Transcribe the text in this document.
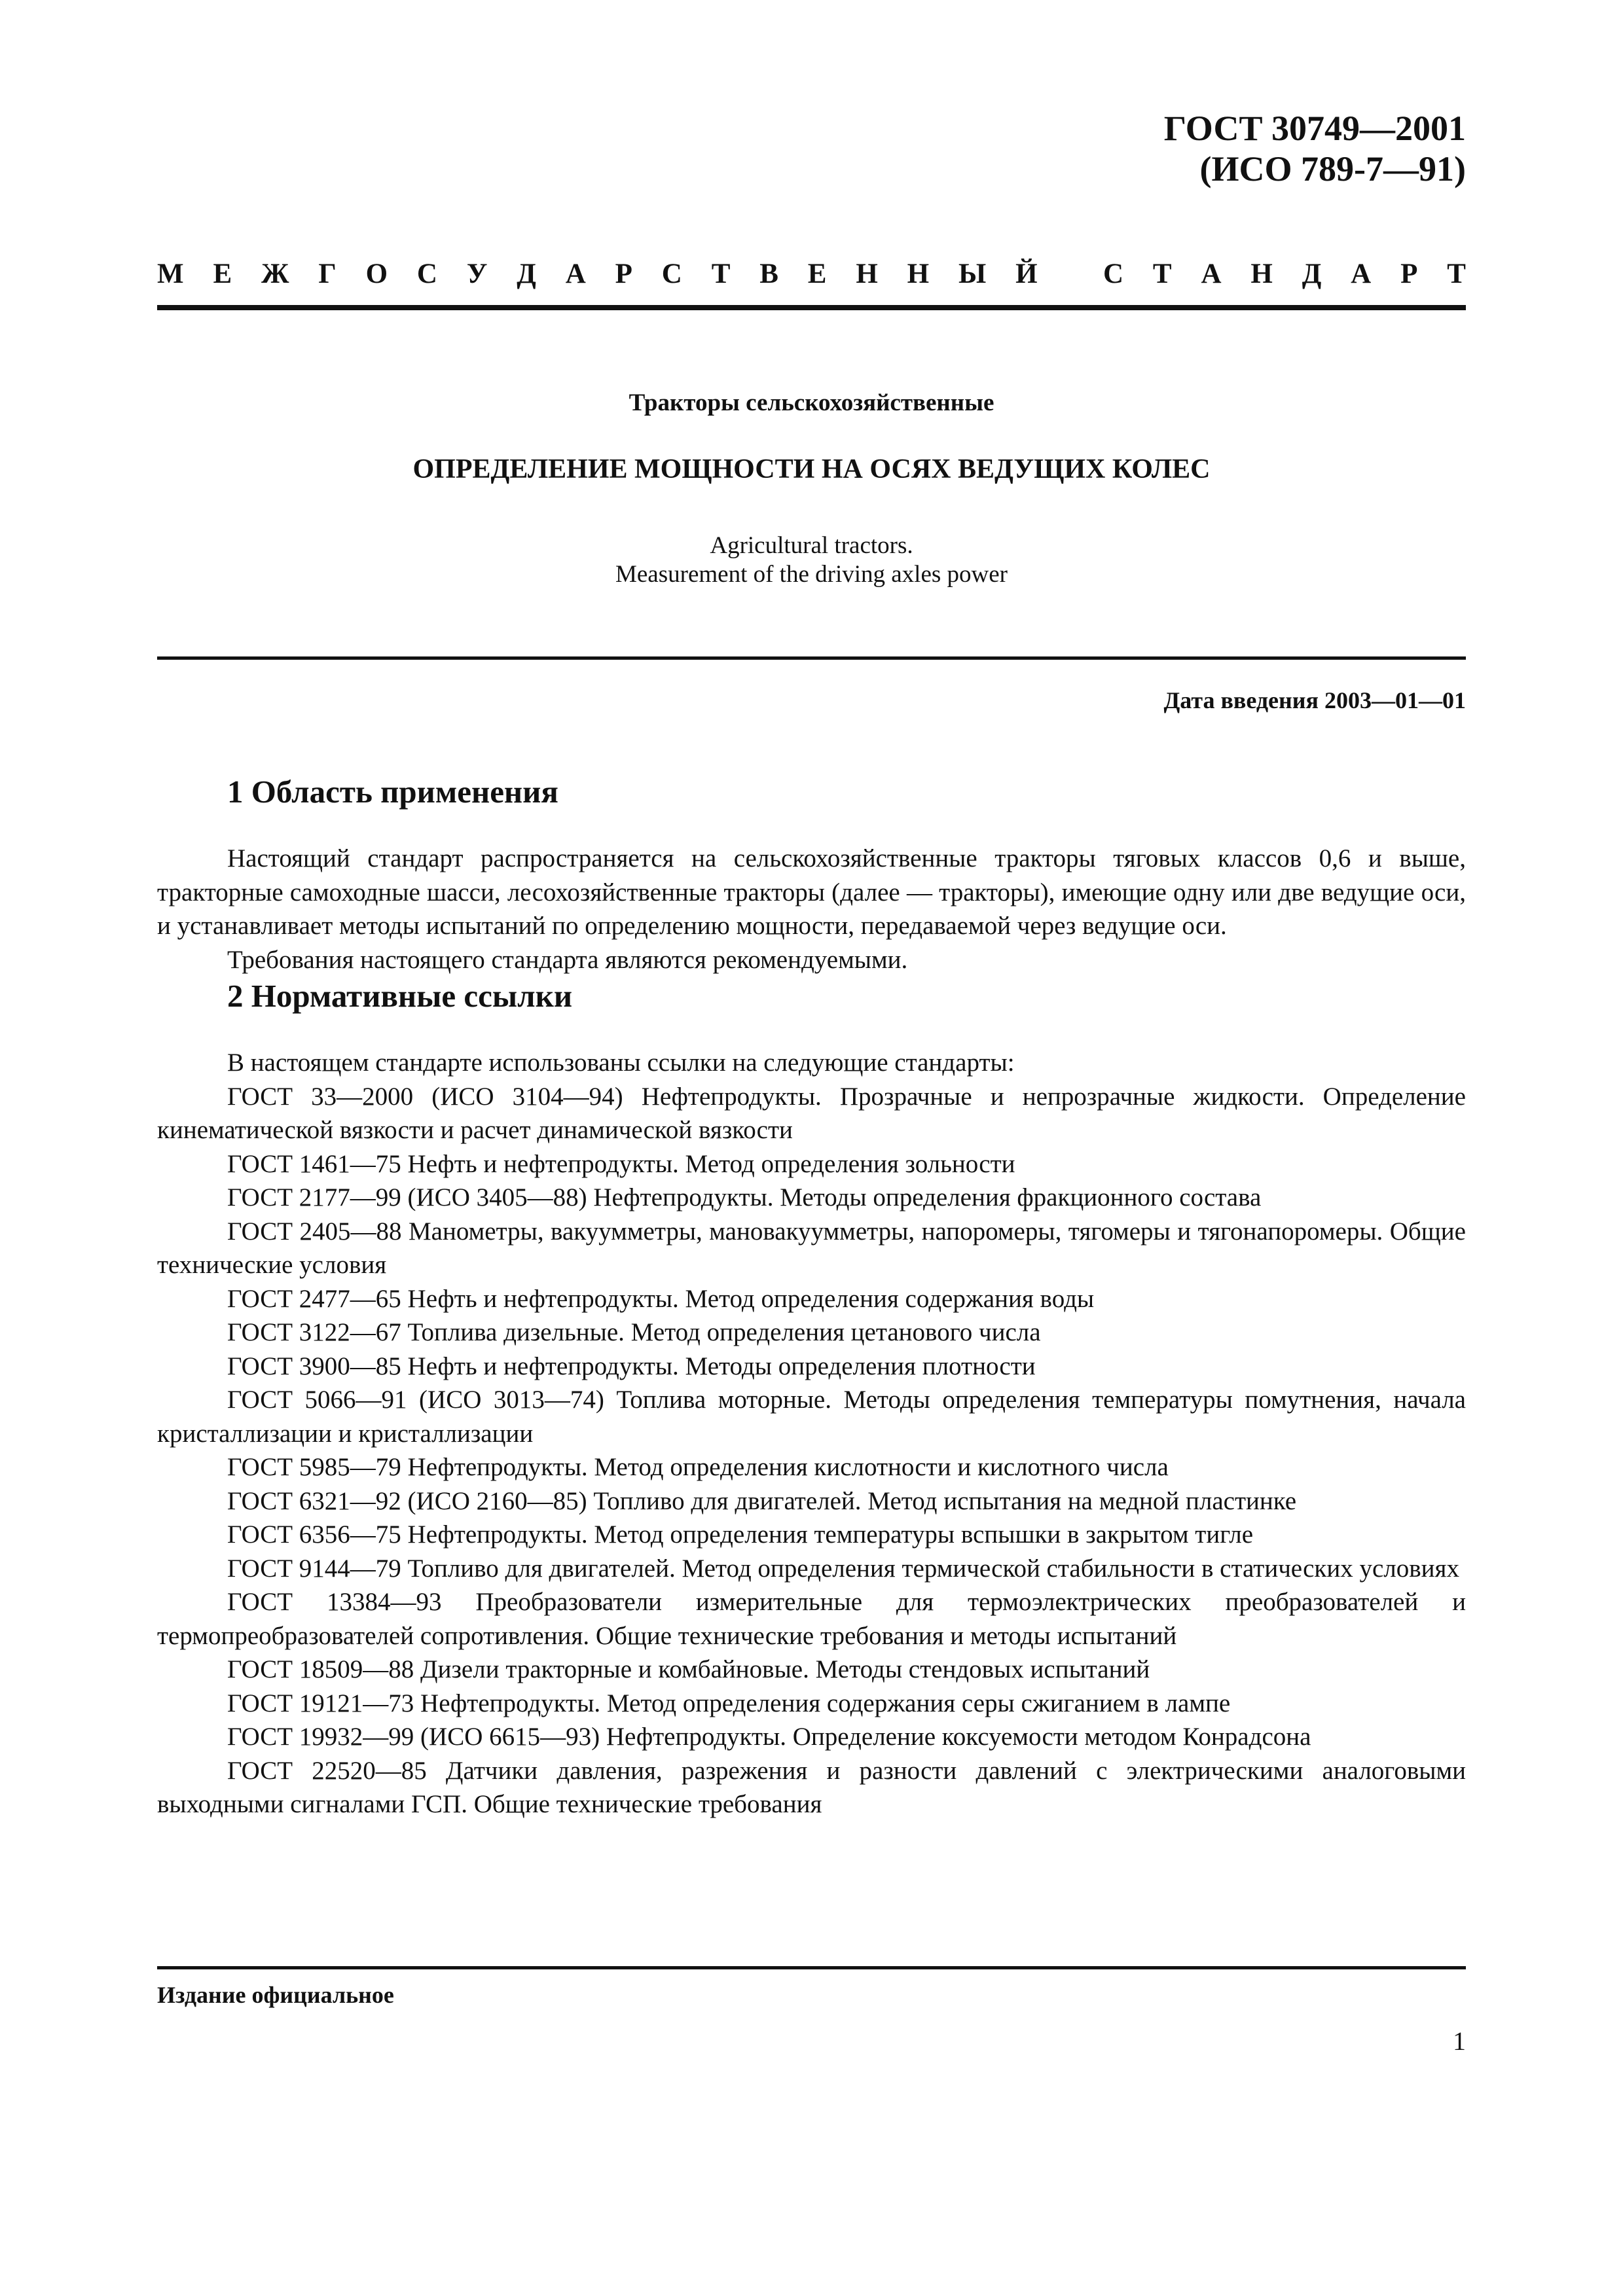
ГОСТ 30749—2001
(ИСО 789-7—91)
М Е Ж Г О С У Д А Р С Т В Е Н Н Ы Й
С Т А Н Д А Р Т
Тракторы сельскохозяйственные
ОПРЕДЕЛЕНИЕ МОЩНОСТИ НА ОСЯХ ВЕДУЩИХ КОЛЕС
Agricultural tractors.
Measurement of the driving axles power
Дата введения 2003—01—01
1 Область применения

Настоящий стандарт распространяется на сельскохозяйственные тракторы тяговых классов 0,6 и выше, тракторные самоходные шасси, лесохозяйственные тракторы (далее — тракторы), имеющие одну или две ведущие оси, и устанавливает методы испытаний по определению мощности, передаваемой через ведущие оси.

Требования настоящего стандарта являются рекомендуемыми.

2 Нормативные ссылки

В настоящем стандарте использованы ссылки на следующие стандарты:

ГОСТ 33—2000 (ИСО 3104—94) Нефтепродукты. Прозрачные и непрозрачные жидкости. Определение кинематической вязкости и расчет динамической вязкости

ГОСТ 1461—75 Нефть и нефтепродукты. Метод определения зольности

ГОСТ 2177—99 (ИСО 3405—88) Нефтепродукты. Методы определения фракционного состава

ГОСТ 2405—88 Манометры, вакуумметры, мановакуумметры, напоромеры, тягомеры и тягонапоромеры. Общие технические условия

ГОСТ 2477—65 Нефть и нефтепродукты. Метод определения содержания воды

ГОСТ 3122—67 Топлива дизельные. Метод определения цетанового числа

ГОСТ 3900—85 Нефть и нефтепродукты. Методы определения плотности

ГОСТ 5066—91 (ИСО 3013—74) Топлива моторные. Методы определения температуры помутнения, начала кристаллизации и кристаллизации

ГОСТ 5985—79 Нефтепродукты. Метод определения кислотности и кислотного числа

ГОСТ 6321—92 (ИСО 2160—85) Топливо для двигателей. Метод испытания на медной пластинке

ГОСТ 6356—75 Нефтепродукты. Метод определения температуры вспышки в закрытом тигле

ГОСТ 9144—79 Топливо для двигателей. Метод определения термической стабильности в статических условиях

ГОСТ 13384—93 Преобразователи измерительные для термоэлектрических преобразователей и термопреобразователей сопротивления. Общие технические требования и методы испытаний

ГОСТ 18509—88 Дизели тракторные и комбайновые. Методы стендовых испытаний

ГОСТ 19121—73 Нефтепродукты. Метод определения содержания серы сжиганием в лампе

ГОСТ 19932—99 (ИСО 6615—93) Нефтепродукты. Определение коксуемости методом Конрадсона

ГОСТ 22520—85 Датчики давления, разрежения и разности давлений с электрическими аналоговыми выходными сигналами ГСП. Общие технические требования

Издание официальное
1
